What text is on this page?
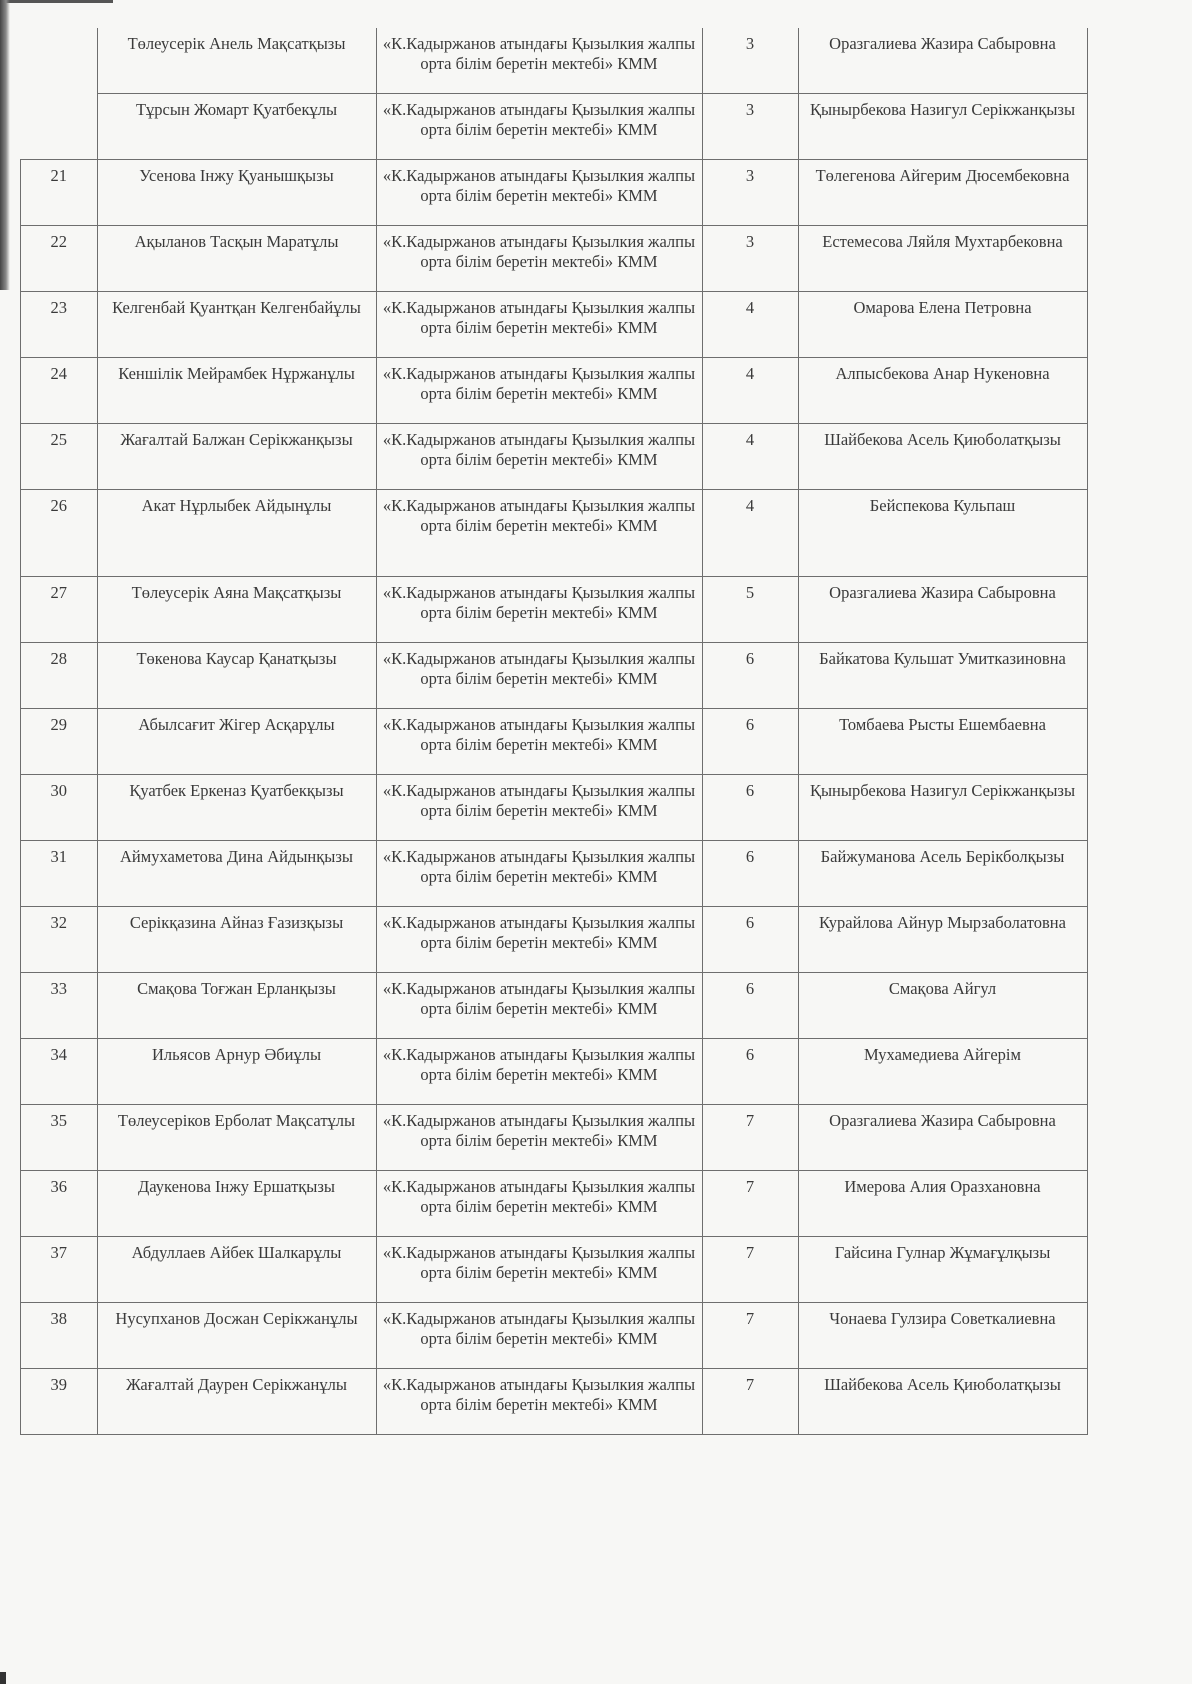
	Төлеусерік Анель Мақсатқызы	«К.Кадыржанов атындағы Қызылкия жалпы орта білім беретін мектебі» КММ	3	Оразгалиева Жазира Сабыровна
	Тұрсын Жомарт Қуатбекұлы	«К.Кадыржанов атындағы Қызылкия жалпы орта білім беретін мектебі» КММ	3	Қынырбекова Назигул Серікжанқызы
21	Усенова Інжу Қуанышқызы	«К.Кадыржанов атындағы Қызылкия жалпы орта білім беретін мектебі» КММ	3	Төлегенова Айгерим Дюсембековна
22	Ақыланов Тасқын Маратұлы	«К.Кадыржанов атындағы Қызылкия жалпы орта білім беретін мектебі» КММ	3	Естемесова Ляйля Мухтарбековна
23	Келгенбай Қуантқан Келгенбайұлы	«К.Кадыржанов атындағы Қызылкия жалпы орта білім беретін мектебі» КММ	4	Омарова Елена Петровна
24	Кеншілік Мейрамбек Нұржанұлы	«К.Кадыржанов атындағы Қызылкия жалпы орта білім беретін мектебі» КММ	4	Алпысбекова Анар Нукеновна
25	Жағалтай Балжан Серікжанқызы	«К.Кадыржанов атындағы Қызылкия жалпы орта білім беретін мектебі» КММ	4	Шайбекова Асель Қиюболатқызы
26	Акат Нұрлыбек Айдынұлы	«К.Кадыржанов атындағы Қызылкия жалпы орта білім беретін мектебі» КММ	4	Бейспекова Кульпаш
27	Төлеусерік Аяна Мақсатқызы	«К.Кадыржанов атындағы Қызылкия жалпы орта білім беретін мектебі» КММ	5	Оразгалиева Жазира Сабыровна
28	Төкенова Каусар Қанатқызы	«К.Кадыржанов атындағы Қызылкия жалпы орта білім беретін мектебі» КММ	6	Байкатова Кульшат Умитказиновна
29	Абылсағит Жігер Асқарұлы	«К.Кадыржанов атындағы Қызылкия жалпы орта білім беретін мектебі» КММ	6	Томбаева Рысты Ешембаевна
30	Қуатбек Еркеназ Қуатбекқызы	«К.Кадыржанов атындағы Қызылкия жалпы орта білім беретін мектебі» КММ	6	Қынырбекова Назигул Серікжанқызы
31	Аймухаметова Дина Айдынқызы	«К.Кадыржанов атындағы Қызылкия жалпы орта білім беретін мектебі» КММ	6	Байжуманова Асель Берікболқызы
32	Серікқазина Айназ Ғазизқызы	«К.Кадыржанов атындағы Қызылкия жалпы орта білім беретін мектебі» КММ	6	Курайлова Айнур Мырзаболатовна
33	Смақова Тоғжан Ерланқызы	«К.Кадыржанов атындағы Қызылкия жалпы орта білім беретін мектебі» КММ	6	Смақова Айгул
34	Ильясов Арнур Әбиұлы	«К.Кадыржанов атындағы Қызылкия жалпы орта білім беретін мектебі» КММ	6	Мухамедиева Айгерім
35	Төлеусеріков Ерболат Мақсатұлы	«К.Кадыржанов атындағы Қызылкия жалпы орта білім беретін мектебі» КММ	7	Оразгалиева Жазира Сабыровна
36	Даукенова Інжу Ершатқызы	«К.Кадыржанов атындағы Қызылкия жалпы орта білім беретін мектебі» КММ	7	Имерова Алия Оразхановна
37	Абдуллаев Айбек Шалкарұлы	«К.Кадыржанов атындағы Қызылкия жалпы орта білім беретін мектебі» КММ	7	Гайсина Гулнар Жұмағұлқызы
38	Нусупханов Досжан Серікжанұлы	«К.Кадыржанов атындағы Қызылкия жалпы орта білім беретін мектебі» КММ	7	Чонаева Гулзира Советкалиевна
39	Жағалтай Даурен Серікжанұлы	«К.Кадыржанов атындағы Қызылкия жалпы орта білім беретін мектебі» КММ	7	Шайбекова Асель Қиюболатқызы
